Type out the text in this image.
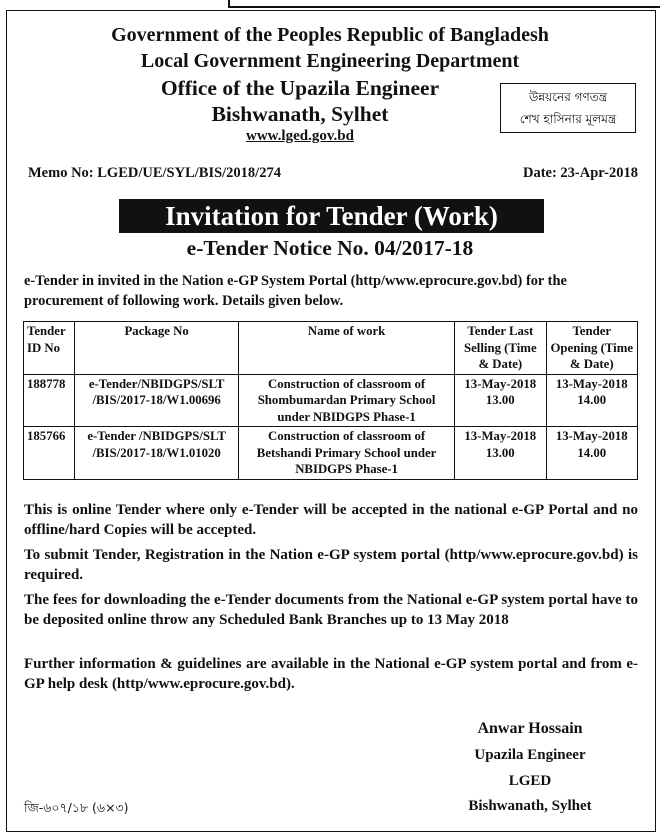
Government of the Peoples Republic of Bangladesh
Local Government Engineering Department
Office of the Upazila Engineer
Bishwanath, Sylhet
www.lged.gov.bd
উন্নয়নের গণতন্ত্র
শেখ হাসিনার মূলমন্ত্র
Memo No: LGED/UE/SYL/BIS/2018/274	Date: 23-Apr-2018
Invitation for Tender (Work)
e-Tender Notice No. 04/2017-18
e-Tender in invited in the Nation e-GP System Portal (http/www.eprocure.gov.bd) for the procurement of following work. Details given below.
Tender ID No	Package No	Name of work	Tender Last Selling (Time & Date)	Tender Opening (Time & Date)
188778	e-Tender/NBIDGPS/SLT /BIS/2017-18/W1.00696	Construction of classroom of Shombumardan Primary School under NBIDGPS Phase-1	13-May-2018 13.00	13-May-2018 14.00
185766	e-Tender /NBIDGPS/SLT /BIS/2017-18/W1.01020	Construction of classroom of Betshandi Primary School under NBIDGPS Phase-1	13-May-2018 13.00	13-May-2018 14.00
This is online Tender where only e-Tender will be accepted in the national e-GP Portal and no offline/hard Copies will be accepted.
To submit Tender, Registration in the Nation e-GP system portal (http/www.eprocure.gov.bd) is required.
The fees for downloading the e-Tender documents from the National e-GP system portal have to be deposited online throw any Scheduled Bank Branches up to 13 May 2018
Further information & guidelines are available in the National e-GP system portal and from e-GP help desk (http/www.eprocure.gov.bd).
Anwar Hossain
Upazila Engineer
LGED
Bishwanath, Sylhet
জি-৬০৭/১৮ (৬×৩)
